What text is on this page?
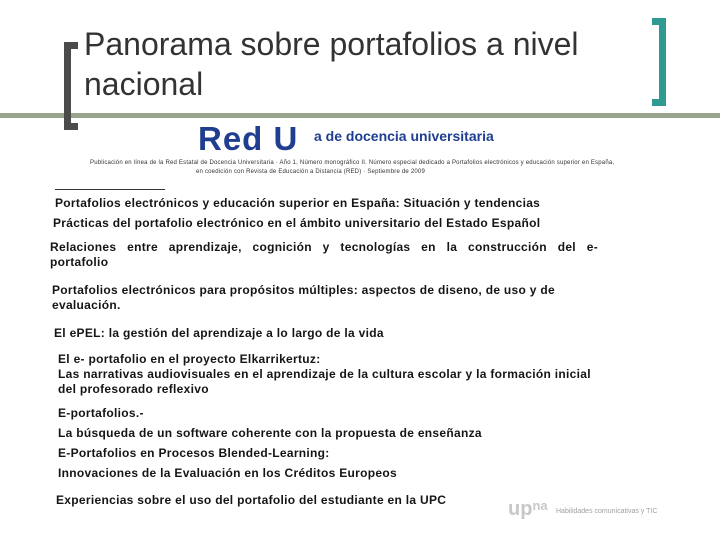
Panorama sobre portafolios a nivel nacional
Red U a de docencia universitaria
Publicación en línea de la Red Estatal de Docencia Universitaria · Año 1, Número monográfico II. Número especial dedicado a Portafolios electrónicos y educación superior en España,
en coedición con Revista de Educación a Distancia (RED) · Septiembre de 2009

Portafolios electrónicos y educación superior en España: Situación y tendencias

Prácticas del portafolio electrónico en el ámbito universitario del Estado Español

Relaciones entre aprendizaje, cognición y tecnologías en la construcción del e-portafolio

Portafolios electrónicos para propósitos múltiples: aspectos de diseno, de uso y de evaluación.

El ePEL: la gestión del aprendizaje a lo largo de la vida

El e- portafolio en el proyecto Elkarrikertuz:
Las narrativas audiovisuales en el aprendizaje de la cultura escolar y la formación inicial del profesorado reflexivo

E-portafolios.-

La búsqueda de un software coherente con la propuesta de enseñanza

E-Portafolios en Procesos Blended-Learning:

Innovaciones de la Evaluación en los Créditos Europeos

Experiencias sobre el uso del portafolio del estudiante en la UPC	$up^{na}$ Habilidades comunicativas y TIC
